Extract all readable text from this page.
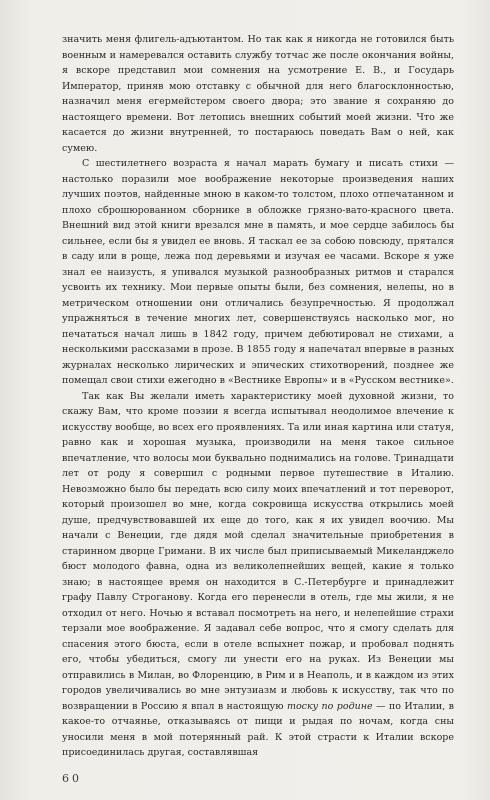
значить меня флигель-адъютантом. Но так как я никогда не готовился быть военным и намеревался оставить службу тотчас же после окончания войны, я вскоре представил мои сомнения на усмотрение Е. В., и Государь Император, приняв мою отставку с обычной для него благосклонностью, назначил меня егермейстером своего двора; это звание я сохраняю до настоящего времени. Вот летопись внешних событий моей жизни. Что же касается до жизни внутренней, то постараюсь поведать Вам о ней, как сумею.

С шестилетнего возраста я начал марать бумагу и писать стихи — настолько поразили мое воображение некоторые произведения наших лучших поэтов, найденные мною в каком-то толстом, плохо отпечатанном и плохо сброшюрованном сборнике в обложке грязно-вато-красного цвета. Внешний вид этой книги врезался мне в память, и мое сердце забилось бы сильнее, если бы я увидел ее вновь. Я таскал ее за собою повсюду, прятался в саду или в роще, лежа под деревьями и изучая ее часами. Вскоре я уже знал ее наизусть, я упивался музыкой разнообразных ритмов и старался усвоить их технику. Мои первые опыты были, без сомнения, нелепы, но в метрическом отношении они отличались безупречностью. Я продолжал упражняться в течение многих лет, совершенствуясь насколько мог, но печататься начал лишь в 1842 году, причем дебютировал не стихами, а несколькими рассказами в прозе. В 1855 году я напечатал впервые в разных журналах несколько лирических и эпических стихотворений, позднее же помещал свои стихи ежегодно в «Вестнике Европы» и в «Русском вестнике».

Так как Вы желали иметь характеристику моей духовной жизни, то скажу Вам, что кроме поэзии я всегда испытывал неодолимое влечение к искусству вообще, во всех его проявлениях. Та или иная картина или статуя, равно как и хорошая музыка, производили на меня такое сильное впечатление, что волосы мои буквально поднимались на голове. Тринадцати лет от роду я совершил с родными первое путешествие в Италию. Невозможно было бы передать всю силу моих впечатлений и тот переворот, который произошел во мне, когда сокровища искусства открылись моей душе, предчувствовавшей их еще до того, как я их увидел воочию. Мы начали с Венеции, где дядя мой сделал значительные приобретения в старинном дворце Гримани. В их числе был приписываемый Микеланджело бюст молодого фавна, одна из великолепнейших вещей, какие я только знаю; в настоящее время он находится в С.-Петербурге и принадлежит графу Павлу Строганову. Когда его перенесли в отель, где мы жили, я не отходил от него. Ночью я вставал посмотреть на него, и нелепейшие страхи терзали мое воображение. Я задавал себе вопрос, что я смогу сделать для спасения этого бюста, если в отеле вспыхнет пожар, и пробовал поднять его, чтобы убедиться, смогу ли унести его на руках. Из Венеции мы отправились в Милан, во Флоренцию, в Рим и в Неаполь, и в каждом из этих городов увеличивались во мне энтузиазм и любовь к искусству, так что по возвращении в Россию я впал в настоящую тоску по родине — по Италии, в какое-то отчаянье, отказываясь от пищи и рыдая по ночам, когда сны уносили меня в мой потерянный рай. К этой страсти к Италии вскоре присоединилась другая, составлявшая

60
